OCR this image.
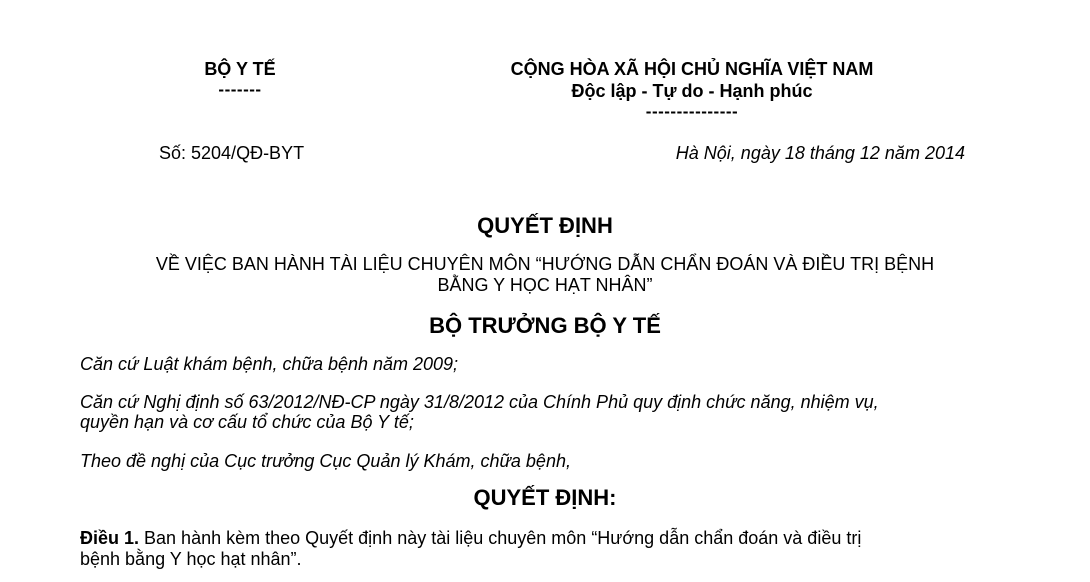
BỘ Y TẾ
-------
CỘNG HÒA XÃ HỘI CHỦ NGHĨA VIỆT NAM
Độc lập - Tự do - Hạnh phúc
---------------
Số: 5204/QĐ-BYT	Hà Nội, ngày 18 tháng 12 năm 2014
QUYẾT ĐỊNH
VỀ VIỆC BAN HÀNH TÀI LIỆU CHUYÊN MÔN “HƯỚNG DẪN CHẨN ĐOÁN VÀ ĐIỀU TRỊ BỆNH
BẰNG Y HỌC HẠT NHÂN”
BỘ TRƯỞNG BỘ Y TẾ
Căn cứ Luật khám bệnh, chữa bệnh năm 2009;
Căn cứ Nghị định số 63/2012/NĐ-CP ngày 31/8/2012 của Chính Phủ quy định chức năng, nhiệm vụ,
quyền hạn và cơ cấu tổ chức của Bộ Y tế;
Theo đề nghị của Cục trưởng Cục Quản lý Khám, chữa bệnh,
QUYẾT ĐỊNH:
Điều 1. Ban hành kèm theo Quyết định này tài liệu chuyên môn “Hướng dẫn chẩn đoán và điều trị
bệnh bằng Y học hạt nhân”.
